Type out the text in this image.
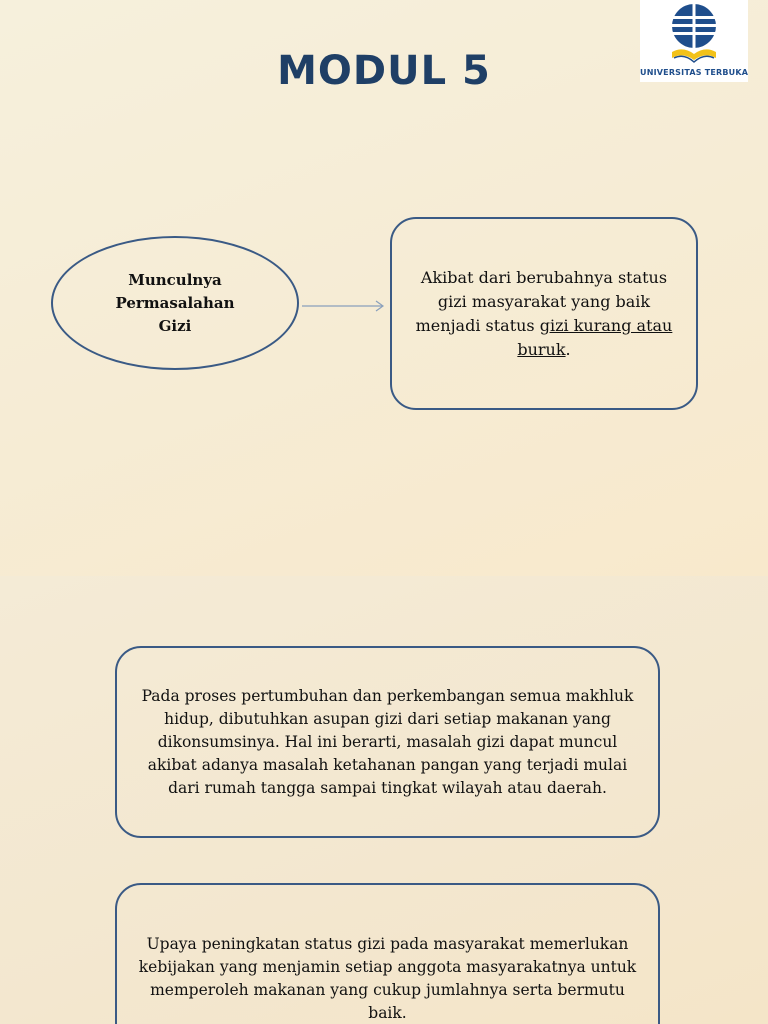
MODUL 5	UNIVERSITAS TERBUKA
Munculnya
Permasalahan
Gizi
Akibat dari berubahnya status gizi masyarakat yang baik menjadi status gizi kurang atau buruk.
Pada proses pertumbuhan dan perkembangan semua makhluk hidup, dibutuhkan asupan gizi dari setiap makanan yang dikonsumsinya. Hal ini berarti, masalah gizi dapat muncul akibat adanya masalah ketahanan pangan yang terjadi mulai dari rumah tangga sampai tingkat wilayah atau daerah.
Upaya peningkatan status gizi pada masyarakat memerlukan kebijakan yang menjamin setiap anggota masyarakatnya untuk memperoleh makanan yang cukup jumlahnya serta bermutu baik.
